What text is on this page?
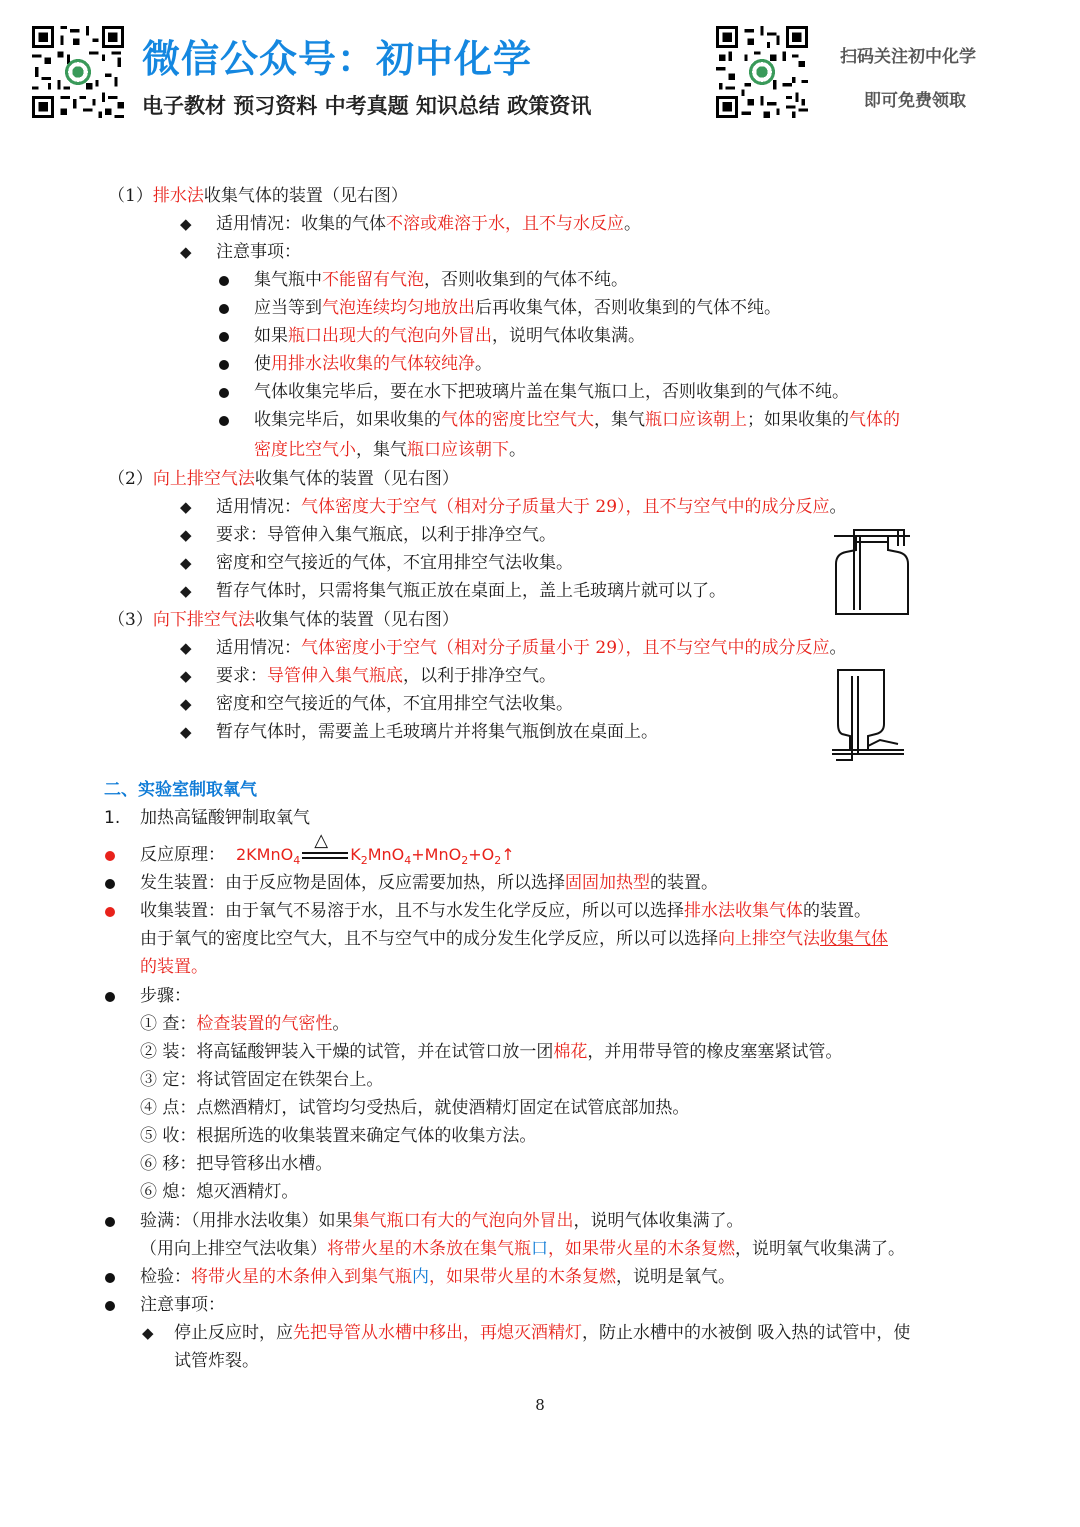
微信公众号：初中化学
电子教材 预习资料 中考真题 知识总结 政策资讯
扫码关注初中化学
即可免费领取
（1）排水法收集气体的装置（见右图）
◆ 适用情况：收集的气体不溶或难溶于水，且不与水反应。
◆ 注意事项：
集气瓶中不能留有气泡，否则收集到的气体不纯。
应当等到气泡连续均匀地放出后再收集气体，否则收集到的气体不纯。
如果瓶口出现大的气泡向外冒出，说明气体收集满。
使用排水法收集的气体较纯净。
气体收集完毕后，要在水下把玻璃片盖在集气瓶口上，否则收集到的气体不纯。
收集完毕后，如果收集的气体的密度比空气大，集气瓶口应该朝上；如果收集的气体的
密度比空气小，集气瓶口应该朝下。
（2）向上排空气法收集气体的装置（见右图）
◆ 适用情况：气体密度大于空气（相对分子质量大于 29），且不与空气中的成分反应。
◆ 要求：导管伸入集气瓶底，以利于排净空气。
◆ 密度和空气接近的气体，不宜用排空气法收集。
◆ 暂存气体时，只需将集气瓶正放在桌面上，盖上毛玻璃片就可以了。
（3）向下排空气法收集气体的装置（见右图）
◆ 适用情况：气体密度小于空气（相对分子质量小于 29），且不与空气中的成分反应。
◆ 要求：导管伸入集气瓶底，以利于排净空气。
◆ 密度和空气接近的气体，不宜用排空气法收集。
◆ 暂存气体时，需要盖上毛玻璃片并将集气瓶倒放在桌面上。
二、实验室制取氧气
1. 加热高锰酸钾制取氧气
反应原理： 2KMnO$_4$
△
$K_2MnO_4+MnO_2+O_2↑$
发生装置：由于反应物是固体，反应需要加热，所以选择固固加热型的装置。
收集装置：由于氧气不易溶于水，且不与水发生化学反应，所以可以选择排水法收集气体的装置。
由于氧气的密度比空气大，且不与空气中的成分发生化学反应，所以可以选择向上排空气法收集气体
的装置。
步骤：
① 查：检查装置的气密性。
② 装：将高锰酸钾装入干燥的试管，并在试管口放一团棉花，并用带导管的橡皮塞塞紧试管。
③ 定：将试管固定在铁架台上。
④ 点：点燃酒精灯，试管均匀受热后，就使酒精灯固定在试管底部加热。
⑤ 收：根据所选的收集装置来确定气体的收集方法。
⑥ 移：把导管移出水槽。
⑥ 熄：熄灭酒精灯。
验满：（用排水法收集）如果集气瓶口有大的气泡向外冒出，说明气体收集满了。
（用向上排空气法收集）将带火星的木条放在集气瓶口，如果带火星的木条复燃，说明氧气收集满了。
检验：将带火星的木条伸入到集气瓶内，如果带火星的木条复燃，说明是氧气。
注意事项：
◆ 停止反应时，应先把导管从水槽中移出，再熄灭酒精灯，防止水槽中的水被倒 吸入热的试管中，使
试管炸裂。
8
